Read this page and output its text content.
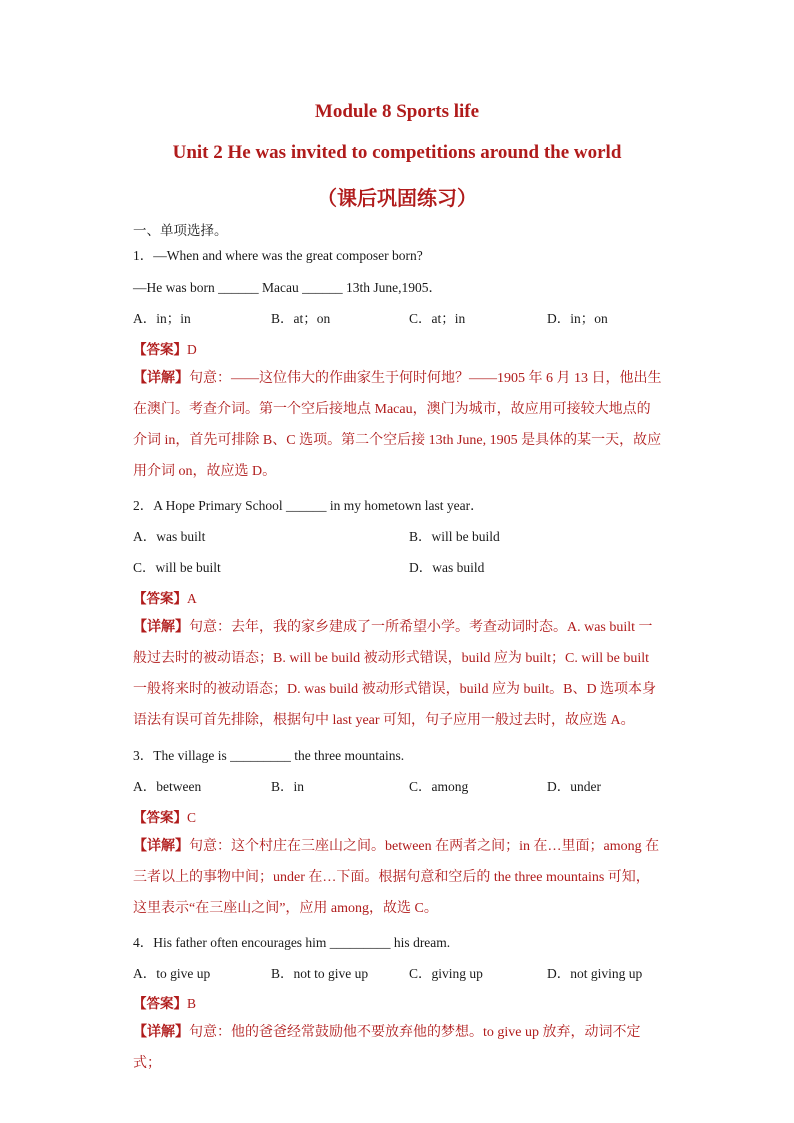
Module 8 Sports life
Unit 2 He was invited to competitions around the world
（课后巩固练习）
一、单项选择。
1．—When and where was the great composer born?
—He was born ______ Macau ______ 13th June,1905．
A．in；in	B．at；on	C．at；in	D．in；on
【答案】D
【详解】句意：——这位伟大的作曲家生于何时何地？——1905 年 6 月 13 日，他出生在澳门。考查介词。第一个空后接地点 Macau，澳门为城市，故应用可接较大地点的介词 in，首先可排除 B、C 选项。第二个空后接 13th June, 1905 是具体的某一天，故应用介词 on，故应选 D。
2．A Hope Primary School ______ in my hometown last year．
A．was built	B．will be build
C．will be built	D．was build
【答案】A
【详解】句意：去年，我的家乡建成了一所希望小学。考查动词时态。A. was built 一般过去时的被动语态；B. will be build 被动形式错误，build 应为 built；C. will be built 一般将来时的被动语态；D. was build 被动形式错误，build 应为 built。B、D 选项本身语法有误可首先排除，根据句中 last year 可知，句子应用一般过去时，故应选 A。
3．The village is _________ the three mountains.
A．between	B．in	C．among	D．under
【答案】C
【详解】句意：这个村庄在三座山之间。between 在两者之间；in 在…里面；among 在三者以上的事物中间；under 在…下面。根据句意和空后的 the three mountains 可知，这里表示“在三座山之间”，应用 among，故选 C。
4．His father often encourages him _________ his dream.
A．to give up	B．not to give up	C．giving up	D．not giving up
【答案】B
【详解】句意：他的爸爸经常鼓励他不要放弃他的梦想。to give up 放弃，动词不定式；
